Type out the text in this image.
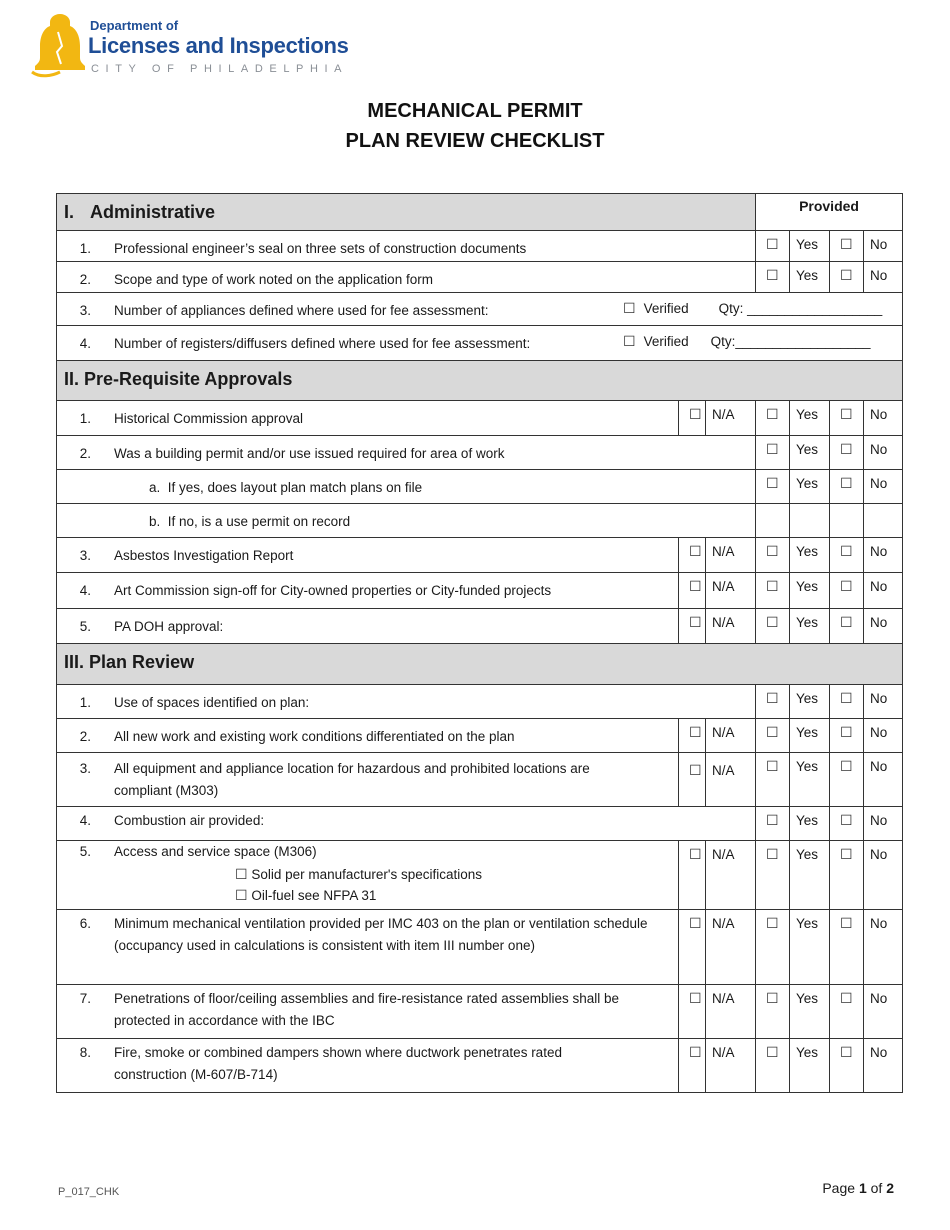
Department of
Licenses and Inspections
CITY OF PHILADELPHIA
MECHANICAL PERMIT
PLAN REVIEW CHECKLIST
I. Administrative			Provided			

1. Professional engineer’s seal on three sets of construction documents			☐	Yes	☐	No

2. Scope and type of work noted on the application form			☐	Yes	☐	No

3. Number of appliances defined where used for fee assessment: ☐ Verified Qty: __________________						

4. Number of registers/diffusers defined where used for fee assessment: ☐ Verified Qty:__________________						

II. Pre-Requisite Approvals						

1. Historical Commission approval	☐	N/A	☐	Yes	☐	No

2. Was a building permit and/or use issued required for area of work			☐	Yes	☐	No

a. If yes, does layout plan match plans on file			☐	Yes	☐	No

b. If no, is a use permit on record						

3. Asbestos Investigation Report	☐	N/A	☐	Yes	☐	No

4. Art Commission sign-off for City-owned properties or City-funded projects	☐	N/A	☐	Yes	☐	No

5. PA DOH approval:	☐	N/A	☐	Yes	☐	No

III. Plan Review						

1. Use of spaces identified on plan:			☐	Yes	☐	No

2. All new work and existing work conditions differentiated on the plan	☐	N/A	☐	Yes	☐	No

3. All equipment and appliance location for hazardous and prohibited locations are compliant (M303)	☐	N/A	☐	Yes	☐	No

4. Combustion air provided:			☐	Yes	☐	No

5. Access and service space (M306)
☐ Solid per manufacturer's specifications
☐ Oil-fuel see NFPA 31	☐	N/A	☐	Yes	☐	No

6. Minimum mechanical ventilation provided per IMC 403 on the plan or ventilation schedule (occupancy used in calculations is consistent with item III number one)	☐	N/A	☐	Yes	☐	No

7. Penetrations of floor/ceiling assemblies and fire-resistance rated assemblies shall be protected in accordance with the IBC	☐	N/A	☐	Yes	☐	No

8. Fire, smoke or combined dampers shown where ductwork penetrates rated construction (M-607/B-714)	☐	N/A	☐	Yes	☐	No
P_017_CHK	Page 1 of 2
